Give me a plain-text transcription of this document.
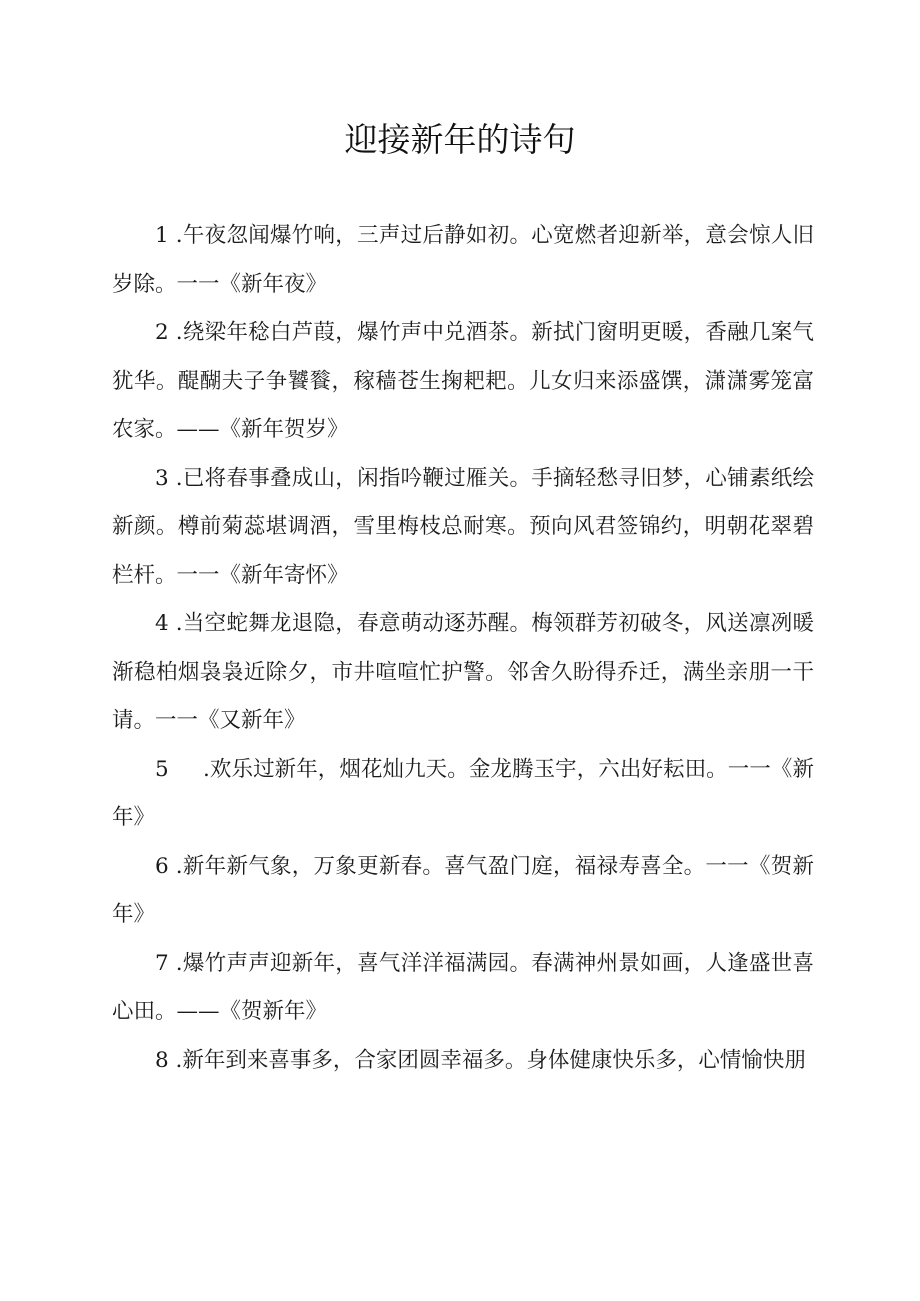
迎接新年的诗句

1 .午夜忽闻爆竹响，三声过后静如初。心宽燃者迎新举，意会惊人旧岁除。一一《新年夜》

2 .绕梁年稔白芦葭，爆竹声中兑酒茶。新拭门窗明更暖，香融几案气犹华。醍醐夫子争饕餮，稼穑苍生掬耙耙。儿女归来添盛馔，潇潇雾笼富农家。——《新年贺岁》

3 .已将春事叠成山，闲指吟鞭过雁关。手摘轻愁寻旧梦，心铺素纸绘新颜。樽前菊蕊堪调酒，雪里梅枝总耐寒。预向风君签锦约，明朝花翠碧栏杆。一一《新年寄怀》

4 .当空蛇舞龙退隐，春意萌动逐苏醒。梅领群芳初破冬，风送凛冽暖渐稳柏烟袅袅近除夕，市井喧喧忙护警。邻舍久盼得乔迁，满坐亲朋一干请。一一《又新年》

5 .欢乐过新年，烟花灿九天。金龙腾玉宇，六出好耘田。一一《新年》

6 .新年新气象，万象更新春。喜气盈门庭，福禄寿喜全。一一《贺新年》

7 .爆竹声声迎新年，喜气洋洋福满园。春满神州景如画，人逢盛世喜心田。——《贺新年》

8 .新年到来喜事多，合家团圆幸福多。身体健康快乐多，心情愉快朋
